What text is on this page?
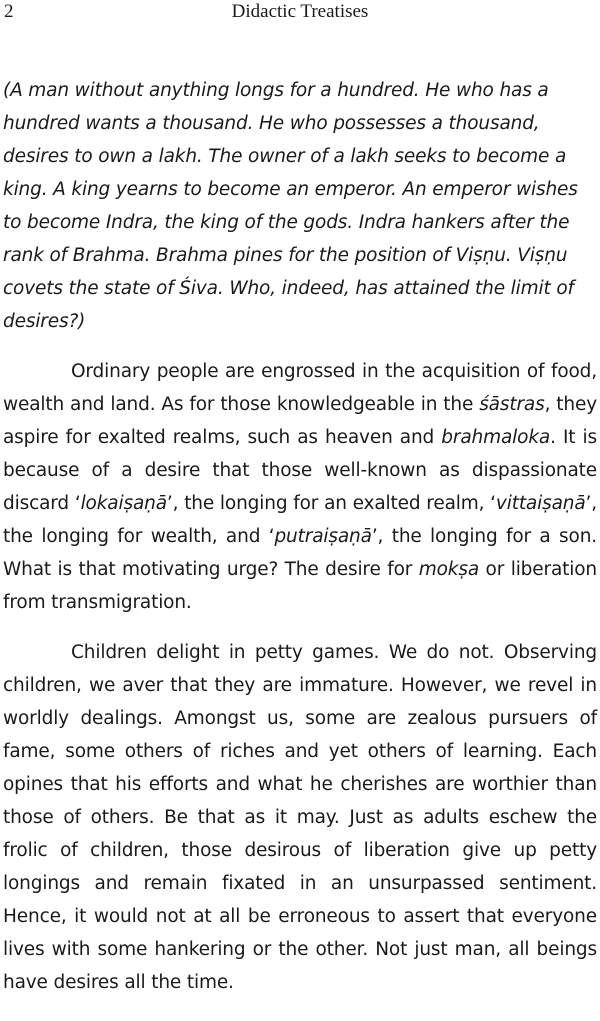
2	Didactic Treatises

(A man without anything longs for a hundred. He who has a hundred wants a thousand. He who possesses a thousand, desires to own a lakh. The owner of a lakh seeks to become a king. A king yearns to become an emperor. An emperor wishes to become Indra, the king of the gods. Indra hankers after the rank of Brahma. Brahma pines for the position of Viṣṇu. Viṣṇu covets the state of Śiva. Who, indeed, has attained the limit of desires?)

Ordinary people are engrossed in the acquisition of food, wealth and land. As for those knowledgeable in the śāstras, they aspire for exalted realms, such as heaven and brahmaloka. It is because of a desire that those well-known as dispassionate discard ‘lokaiṣaṇā’, the longing for an exalted realm, ‘vittaiṣaṇā’, the longing for wealth, and ‘putraiṣaṇā’, the longing for a son. What is that motivating urge? The desire for mokṣa or liberation from transmigration.

Children delight in petty games. We do not. Observing children, we aver that they are immature. However, we revel in worldly dealings. Amongst us, some are zealous pursuers of fame, some others of riches and yet others of learning. Each opines that his efforts and what he cherishes are worthier than those of others. Be that as it may. Just as adults eschew the frolic of children, those desirous of liberation give up petty longings and remain fixated in an unsurpassed sentiment. Hence, it would not at all be erroneous to assert that everyone lives with some hankering or the other. Not just man, all beings have desires all the time.
